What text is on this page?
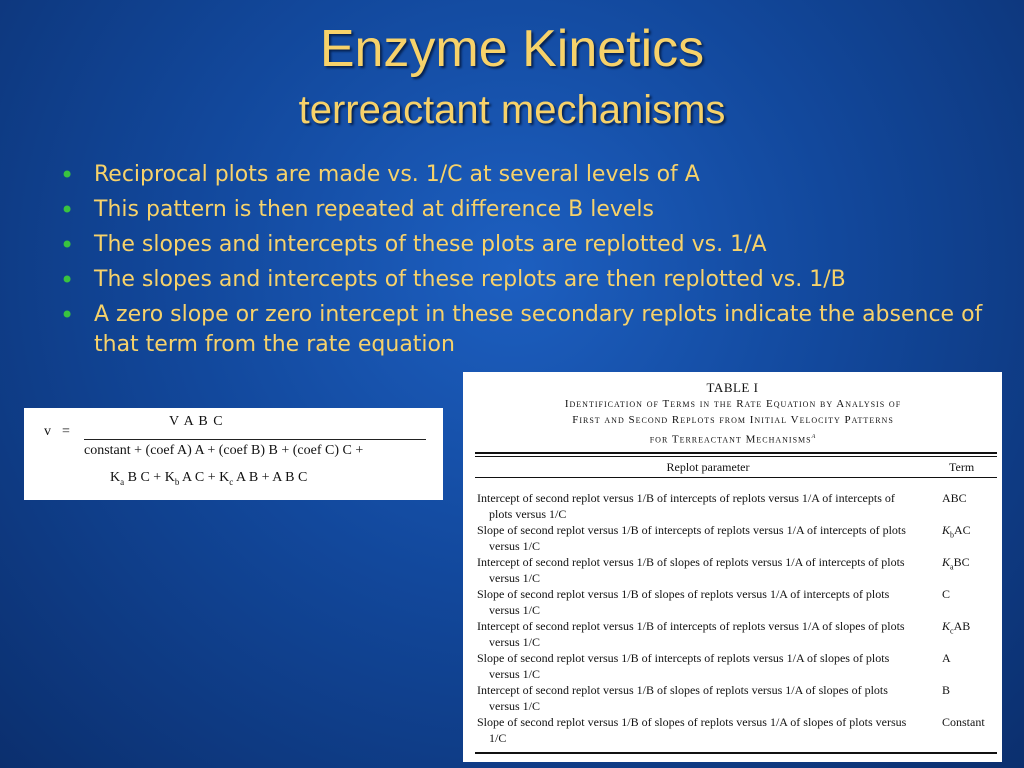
Enzyme Kinetics
terreactant mechanisms
• Reciprocal plots are made vs. 1/C at several levels of A
• This pattern is then repeated at difference B levels
• The slopes and intercepts of these plots are replotted vs. 1/A
• The slopes and intercepts of these replots are then replotted vs. 1/B
• A zero slope or zero intercept in these secondary replots indicate the absence of that term from the rate equation
v =
V A B C
constant + (coef A) A + (coef B) B + (coef C) C +
$K_a$ B $C + K_b$ A $C + K_c$ A B + A B C
TABLE I
Identification of Terms in the Rate Equation by Analysis of
First and Second Replots from Initial Velocity Patterns
for Terreactant Mechanisms$^a$
Replot parameter	Term
Intercept of second replot versus 1/B of intercepts of replots versus 1/A of intercepts of plots versus 1/C
ABC
Slope of second replot versus 1/B of intercepts of replots versus 1/A of intercepts of plots versus 1/C
$K_bAC$
Intercept of second replot versus 1/B of slopes of replots versus 1/A of intercepts of plots versus 1/C
$K_aBC$
Slope of second replot versus 1/B of slopes of replots versus 1/A of intercepts of plots versus 1/C
C
Intercept of second replot versus 1/B of intercepts of replots versus 1/A of slopes of plots versus 1/C
$K_cAB$
Slope of second replot versus 1/B of intercepts of replots versus 1/A of slopes of plots versus 1/C
A
Intercept of second replot versus 1/B of slopes of replots versus 1/A of slopes of plots versus 1/C
B
Slope of second replot versus 1/B of slopes of replots versus 1/A of slopes of plots versus 1/C
Constant
